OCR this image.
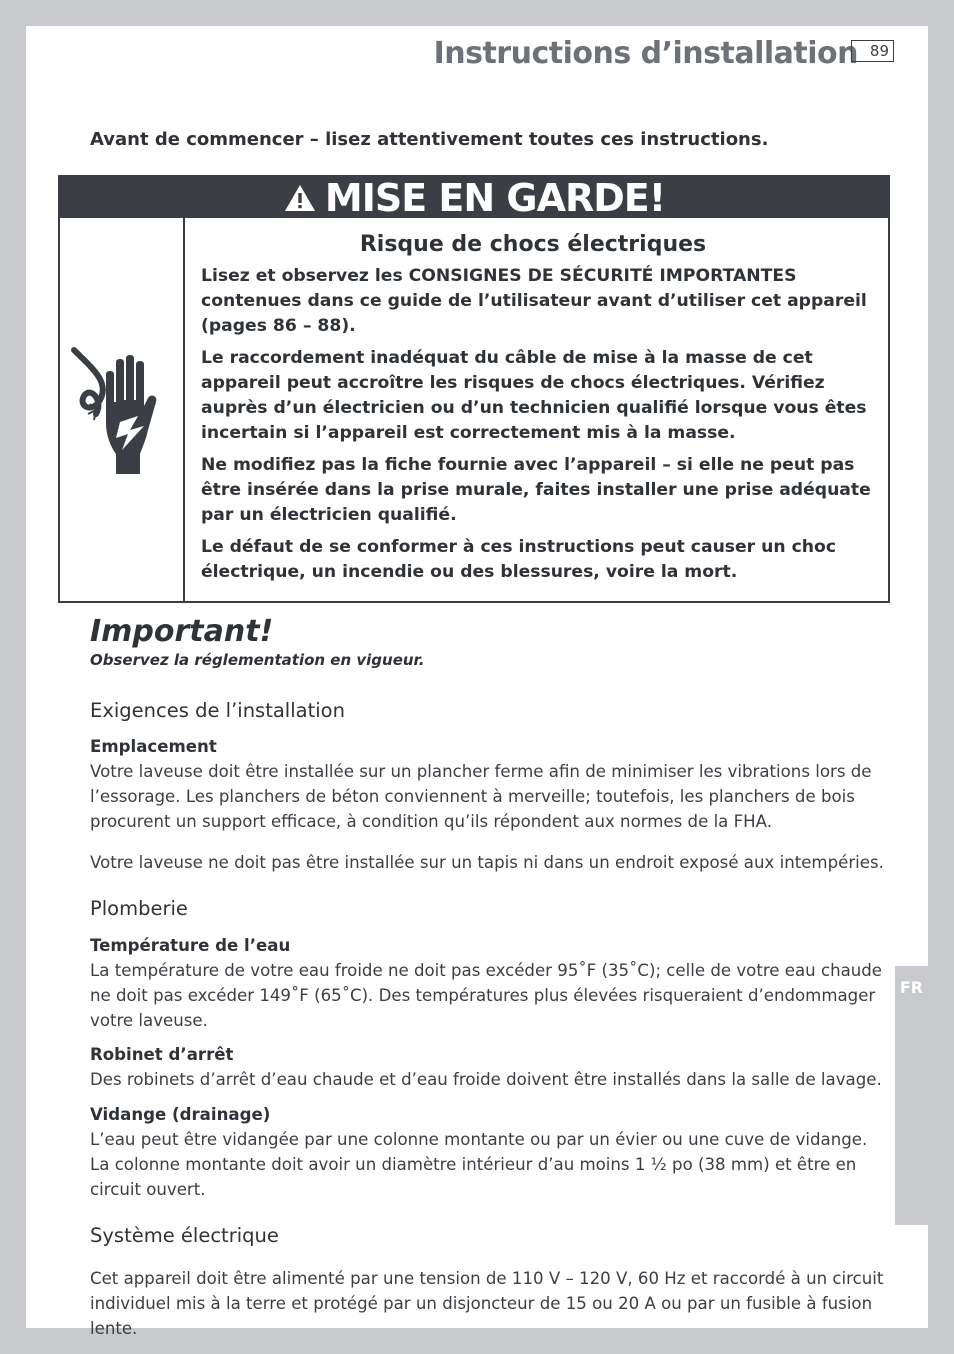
FR
Instructions d’installation 89
Avant de commencer – lisez attentivement toutes ces instructions.
MISE EN GARDE!
Risque de chocs électriques

Lisez et observez les CONSIGNES DE SÉCURITÉ IMPORTANTES contenues dans ce guide de l’utilisateur avant d’utiliser cet appareil (pages 86 – 88).

Le raccordement inadéquat du câble de mise à la masse de cet appareil peut accroître les risques de chocs électriques. Vérifiez auprès d’un électricien ou d’un technicien qualifié lorsque vous êtes incertain si l’appareil est correctement mis à la masse.

Ne modifiez pas la fiche fournie avec l’appareil – si elle ne peut pas être insérée dans la prise murale, faites installer une prise adéquate par un électricien qualifié.

Le défaut de se conformer à ces instructions peut causer un choc électrique, un incendie ou des blessures, voire la mort.

Important!
Observez la réglementation en vigueur.
Exigences de l’installation
Emplacement
Votre laveuse doit être installée sur un plancher ferme afin de minimiser les vibrations lors de l’essorage. Les planchers de béton conviennent à merveille; toutefois, les planchers de bois procurent un support efficace, à condition qu’ils répondent aux normes de la FHA.
Votre laveuse ne doit pas être installée sur un tapis ni dans un endroit exposé aux intempéries.
Plomberie
Température de l’eau
La température de votre eau froide ne doit pas excéder 95˚F (35˚C); celle de votre eau chaude ne doit pas excéder 149˚F (65˚C). Des températures plus élevées risqueraient d’endommager votre laveuse.
Robinet d’arrêt
Des robinets d’arrêt d’eau chaude et d’eau froide doivent être installés dans la salle de lavage.
Vidange (drainage)
L’eau peut être vidangée par une colonne montante ou par un évier ou une cuve de vidange. La colonne montante doit avoir un diamètre intérieur d’au moins 1 ½ po (38 mm) et être en circuit ouvert.
Système électrique
Cet appareil doit être alimenté par une tension de 110 V – 120 V, 60 Hz et raccordé à un circuit individuel mis à la terre et protégé par un disjoncteur de 15 ou 20 A ou par un fusible à fusion lente.
